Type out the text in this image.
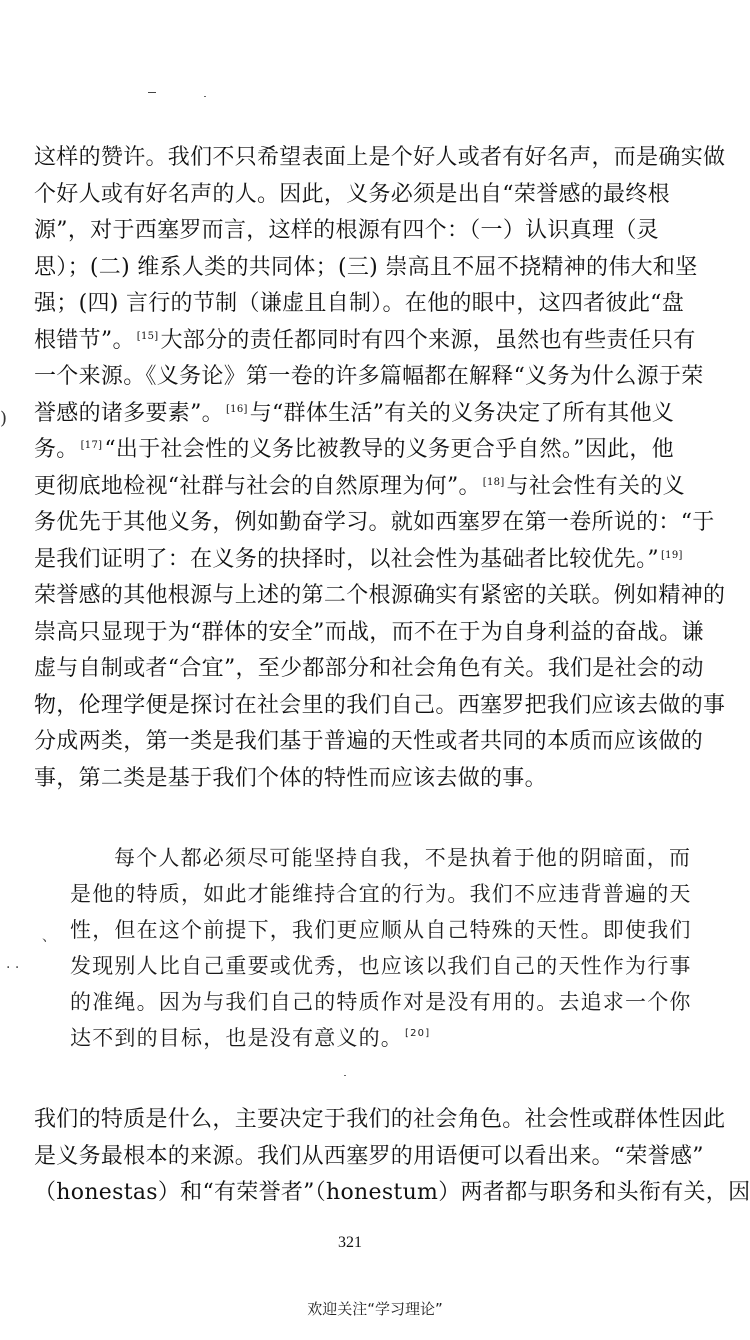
)
、
. .
这样的赞许。我们不只希望表面上是个好人或者有好名声，而是确实做
个好人或有好名声的人。因此，义务必须是出自“荣誉感的最终根
源”，对于西塞罗而言，这样的根源有四个：（一）认识真理（灵
思）；(二) 维系人类的共同体；(三) 崇高且不屈不挠精神的伟大和坚
强；(四) 言行的节制（谦虚且自制）。在他的眼中，这四者彼此“盘
根错节”。 [15]大部分的责任都同时有四个来源，虽然也有些责任只有
一个来源。《义务论》第一卷的许多篇幅都在解释“义务为什么源于荣
誉感的诸多要素”。 [16]与“群体生活”有关的义务决定了所有其他义
务。 [17]“出于社会性的义务比被教导的义务更合乎自然。”因此，他
更彻底地检视“社群与社会的自然原理为何”。 [18]与社会性有关的义
务优先于其他义务，例如勤奋学习。就如西塞罗在第一卷所说的：“于
是我们证明了：在义务的抉择时，以社会性为基础者比较优先。” [19]
荣誉感的其他根源与上述的第二个根源确实有紧密的关联。例如精神的
崇高只显现于为“群体的安全”而战，而不在于为自身利益的奋战。谦
虚与自制或者“合宜”，至少都部分和社会角色有关。我们是社会的动
物，伦理学便是探讨在社会里的我们自己。西塞罗把我们应该去做的事
分成两类，第一类是我们基于普遍的天性或者共同的本质而应该做的
事，第二类是基于我们个体的特性而应该去做的事。
每个人都必须尽可能坚持自我，不是执着于他的阴暗面，而
是他的特质，如此才能维持合宜的行为。我们不应违背普遍的天
性，但在这个前提下，我们更应顺从自己特殊的天性。即使我们
发现别人比自己重要或优秀，也应该以我们自己的天性作为行事
的准绳。因为与我们自己的特质作对是没有用的。去追求一个你
达不到的目标，也是没有意义的。 [20]
我们的特质是什么，主要决定于我们的社会角色。社会性或群体性因此
是义务最根本的来源。我们从西塞罗的用语便可以看出来。“荣誉感”
（honestas）和“有荣誉者”（honestum）两者都与职务和头衔有关，因
321
欢迎关注“学习理论”
